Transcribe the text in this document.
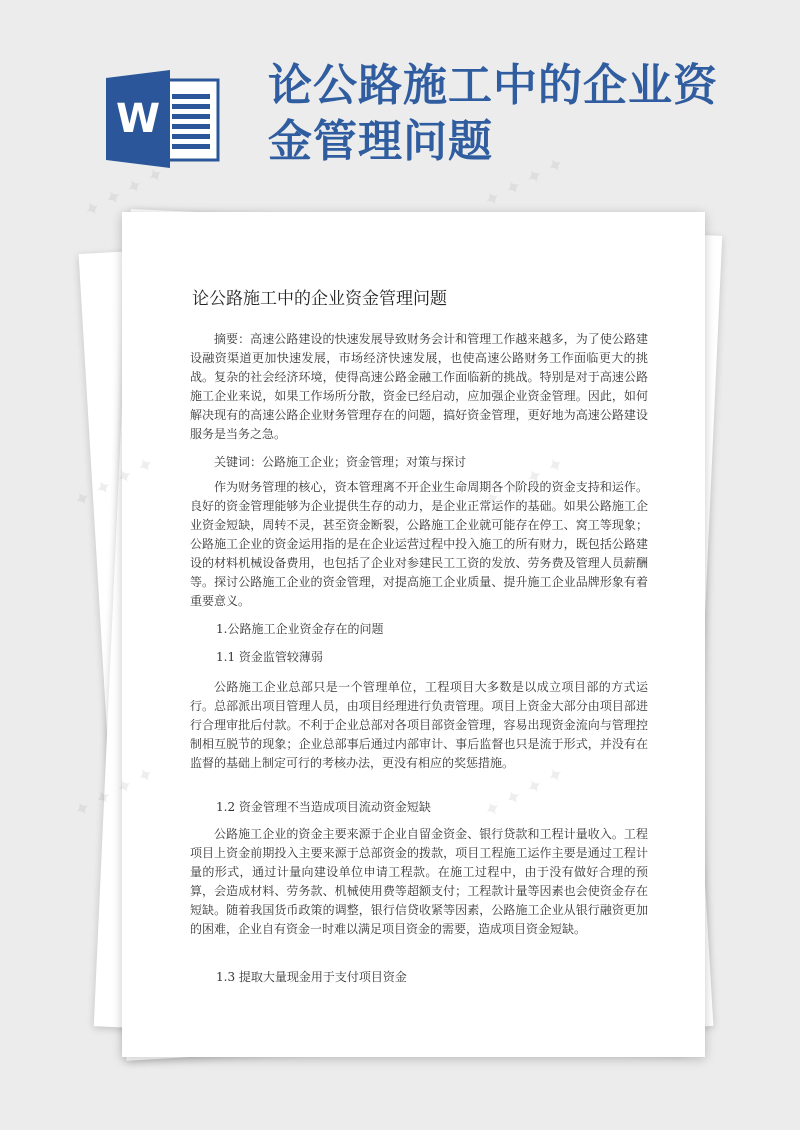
W
论公路施工中的企业资金管理问题
论公路施工中的企业资金管理问题

摘要：高速公路建设的快速发展导致财务会计和管理工作越来越多，为了使公路建设融资渠道更加快速发展，市场经济快速发展，也使高速公路财务工作面临更大的挑战。复杂的社会经济环境，使得高速公路金融工作面临新的挑战。特别是对于高速公路施工企业来说，如果工作场所分散，资金已经启动，应加强企业资金管理。因此，如何解决现有的高速公路企业财务管理存在的问题，搞好资金管理，更好地为高速公路建设服务是当务之急。

关键词：公路施工企业；资金管理；对策与探讨

作为财务管理的核心，资本管理离不开企业生命周期各个阶段的资金支持和运作。良好的资金管理能够为企业提供生存的动力，是企业正常运作的基础。如果公路施工企业资金短缺，周转不灵，甚至资金断裂，公路施工企业就可能存在停工、窝工等现象；公路施工企业的资金运用指的是在企业运营过程中投入施工的所有财力，既包括公路建设的材料机械设备费用，也包括了企业对参建民工工资的发放、劳务费及管理人员薪酬等。探讨公路施工企业的资金管理，对提高施工企业质量、提升施工企业品牌形象有着重要意义。

1.公路施工企业资金存在的问题

1.1 资金监管较薄弱

公路施工企业总部只是一个管理单位，工程项目大多数是以成立项目部的方式运行。总部派出项目管理人员，由项目经理进行负责管理。项目上资金大部分由项目部进行合理审批后付款。不利于企业总部对各项目部资金管理，容易出现资金流向与管理控制相互脱节的现象；企业总部事后通过内部审计、事后监督也只是流于形式，并没有在监督的基础上制定可行的考核办法，更没有相应的奖惩措施。

1.2 资金管理不当造成项目流动资金短缺

公路施工企业的资金主要来源于企业自留金资金、银行贷款和工程计量收入。工程项目上资金前期投入主要来源于总部资金的拨款，项目工程施工运作主要是通过工程计量的形式，通过计量向建设单位申请工程款。在施工过程中，由于没有做好合理的预算，会造成材料、劳务款、机械使用费等超额支付；工程款计量等因素也会使资金存在短缺。随着我国货币政策的调整，银行信贷收紧等因素，公路施工企业从银行融资更加的困难，企业自有资金一时难以满足项目资金的需要，造成项目资金短缺。

1.3 提取大量现金用于支付项目资金

✦ ✦ ✦ ✦	✦ ✦ ✦ ✦
✦
✦
